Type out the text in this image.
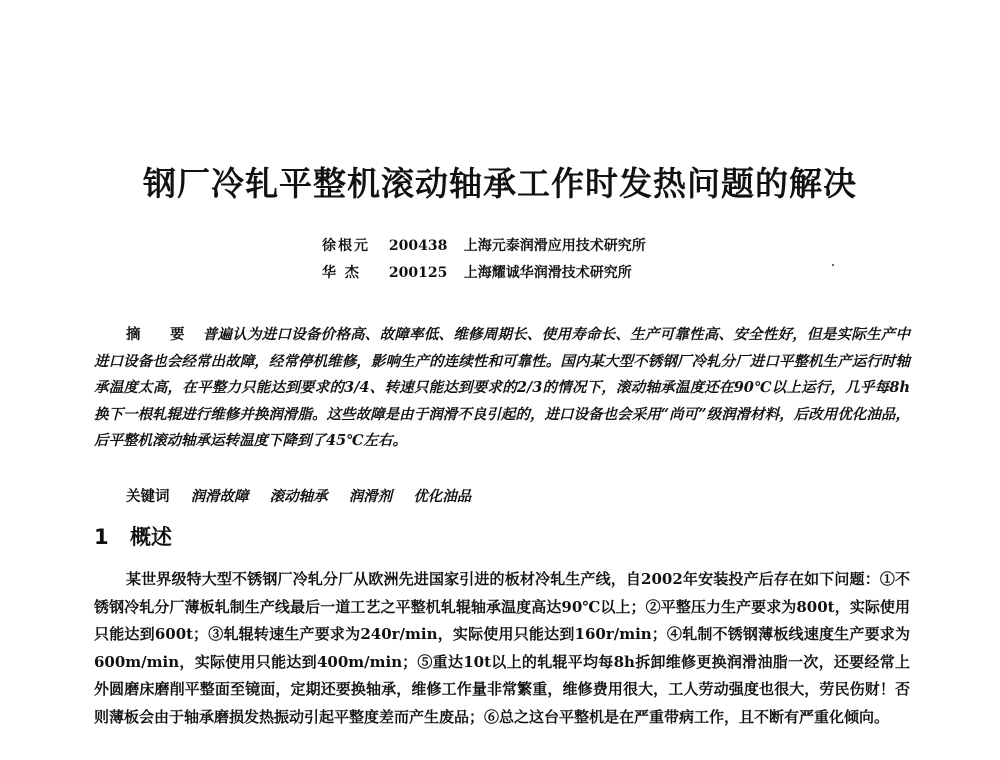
钢厂冷轧平整机滚动轴承工作时发热问题的解决
徐根元 200438 上海元泰润滑应用技术研究所
华 杰 200125 上海耀诚华润滑技术研究所
摘 要 普遍认为进口设备价格高、故障率低、维修周期长、使用寿命长、生产可靠性高、安全性好，但是实际生产中进口设备也会经常出故障，经常停机维修，影响生产的连续性和可靠性。国内某大型不锈钢厂冷轧分厂进口平整机生产运行时轴承温度太高，在平整力只能达到要求的3/4、转速只能达到要求的2/3的情况下，滚动轴承温度还在90℃以上运行，几乎每8h换下一根轧辊进行维修并换润滑脂。这些故障是由于润滑不良引起的，进口设备也会采用“尚可”级润滑材料，后改用优化油品，后平整机滚动轴承运转温度下降到了45℃左右。
关键词 润滑故障 滚动轴承 润滑剂 优化油品
1 概述
某世界级特大型不锈钢厂冷轧分厂从欧洲先进国家引进的板材冷轧生产线，自2002年安装投产后存在如下问题：①不锈钢冷轧分厂薄板轧制生产线最后一道工艺之平整机轧辊轴承温度高达90℃以上；②平整压力生产要求为800t，实际使用只能达到600t；③轧辊转速生产要求为240r/min，实际使用只能达到160r/min；④轧制不锈钢薄板线速度生产要求为600m/min，实际使用只能达到400m/min；⑤重达10t以上的轧辊平均每8h拆卸维修更换润滑油脂一次，还要经常上外圆磨床磨削平整面至镜面，定期还要换轴承，维修工作量非常繁重，维修费用很大，工人劳动强度也很大，劳民伤财！否则薄板会由于轴承磨损发热振动引起平整度差而产生废品；⑥总之这台平整机是在严重带病工作，且不断有严重化倾向。
